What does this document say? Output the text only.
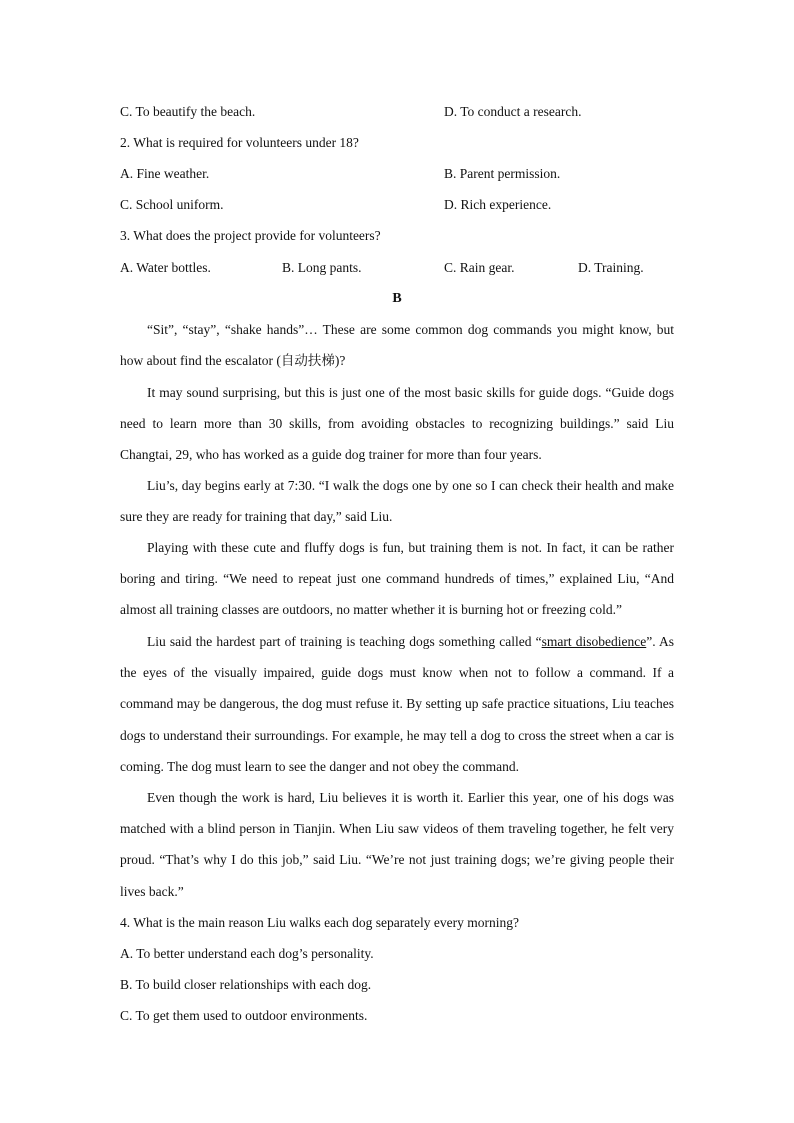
C. To beautify the beach.	D. To conduct a research.
2. What is required for volunteers under 18?
A. Fine weather.	B. Parent permission.
C. School uniform.	D. Rich experience.
3. What does the project provide for volunteers?
A. Water bottles.	B. Long pants.	C. Rain gear.	D. Training.
B
“Sit”, “stay”, “shake hands”… These are some common dog commands you might know, but how about find the escalator (自动扶梯)?
It may sound surprising, but this is just one of the most basic skills for guide dogs. “Guide dogs need to learn more than 30 skills, from avoiding obstacles to recognizing buildings.” said Liu Changtai, 29, who has worked as a guide dog trainer for more than four years.
Liu’s, day begins early at 7:30. “I walk the dogs one by one so I can check their health and make sure they are ready for training that day,” said Liu.
Playing with these cute and fluffy dogs is fun, but training them is not. In fact, it can be rather boring and tiring. “We need to repeat just one command hundreds of times,” explained Liu, “And almost all training classes are outdoors, no matter whether it is burning hot or freezing cold.”
Liu said the hardest part of training is teaching dogs something called “smart disobedience”. As the eyes of the visually impaired, guide dogs must know when not to follow a command. If a command may be dangerous, the dog must refuse it. By setting up safe practice situations, Liu teaches dogs to understand their surroundings. For example, he may tell a dog to cross the street when a car is coming. The dog must learn to see the danger and not obey the command.
Even though the work is hard, Liu believes it is worth it. Earlier this year, one of his dogs was matched with a blind person in Tianjin. When Liu saw videos of them traveling together, he felt very proud. “That’s why I do this job,” said Liu. “We’re not just training dogs; we’re giving people their lives back.”
4. What is the main reason Liu walks each dog separately every morning?
A. To better understand each dog’s personality.
B. To build closer relationships with each dog.
C. To get them used to outdoor environments.
